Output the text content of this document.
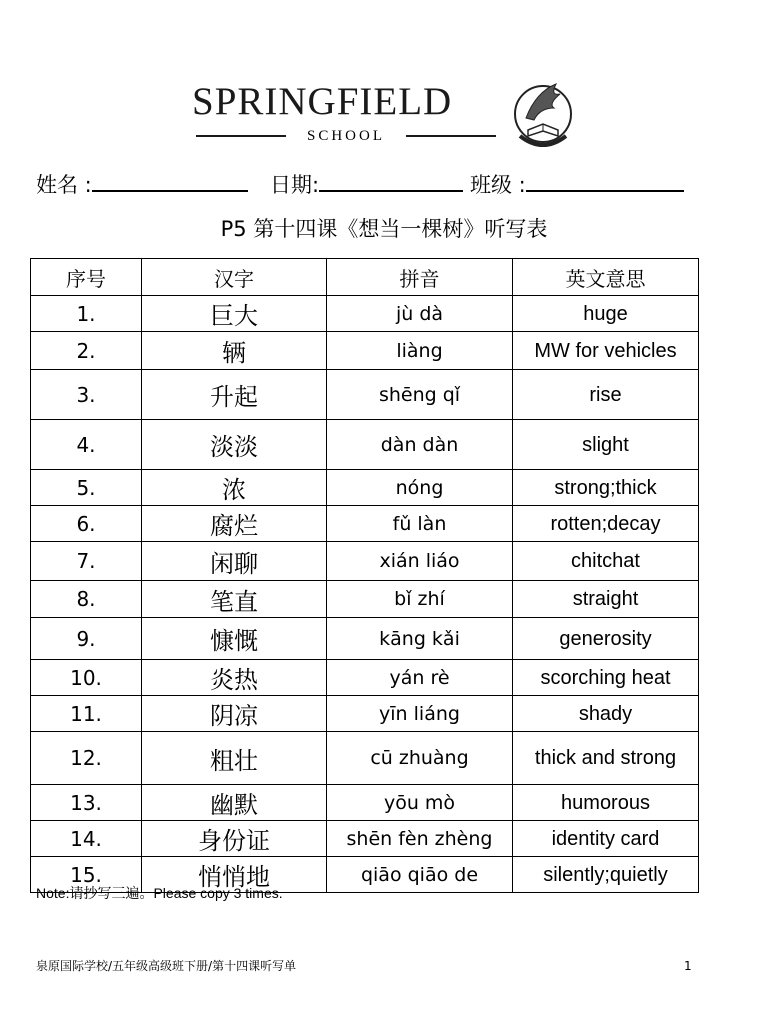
SPRINGFIELD
SCHOOL
姓名 :	日期:	班级 :
P5 第十四课《想当一棵树》听写表
序号	汉字	拼音	英文意思
1.	巨大	jù dà	huge
2.	辆	liàng	MW for vehicles
3.	升起	shēng qǐ	rise
4.	淡淡	dàn dàn	slight
5.	浓	nóng	strong;thick
6.	腐烂	fǔ làn	rotten;decay
7.	闲聊	xián liáo	chitchat
8.	笔直	bǐ zhí	straight
9.	慷慨	kāng kǎi	generosity
10.	炎热	yán rè	scorching heat
11.	阴凉	yīn liáng	shady
12.	粗壮	cū zhuàng	thick and strong
13.	幽默	yōu mò	humorous
14.	身份证	shēn fèn zhèng	identity card
15.	悄悄地	qiāo qiāo de	silently;quietly
Note:请抄写三遍。Please copy 3 times.
泉原国际学校/五年级高级班下册/第十四课听写单	1
